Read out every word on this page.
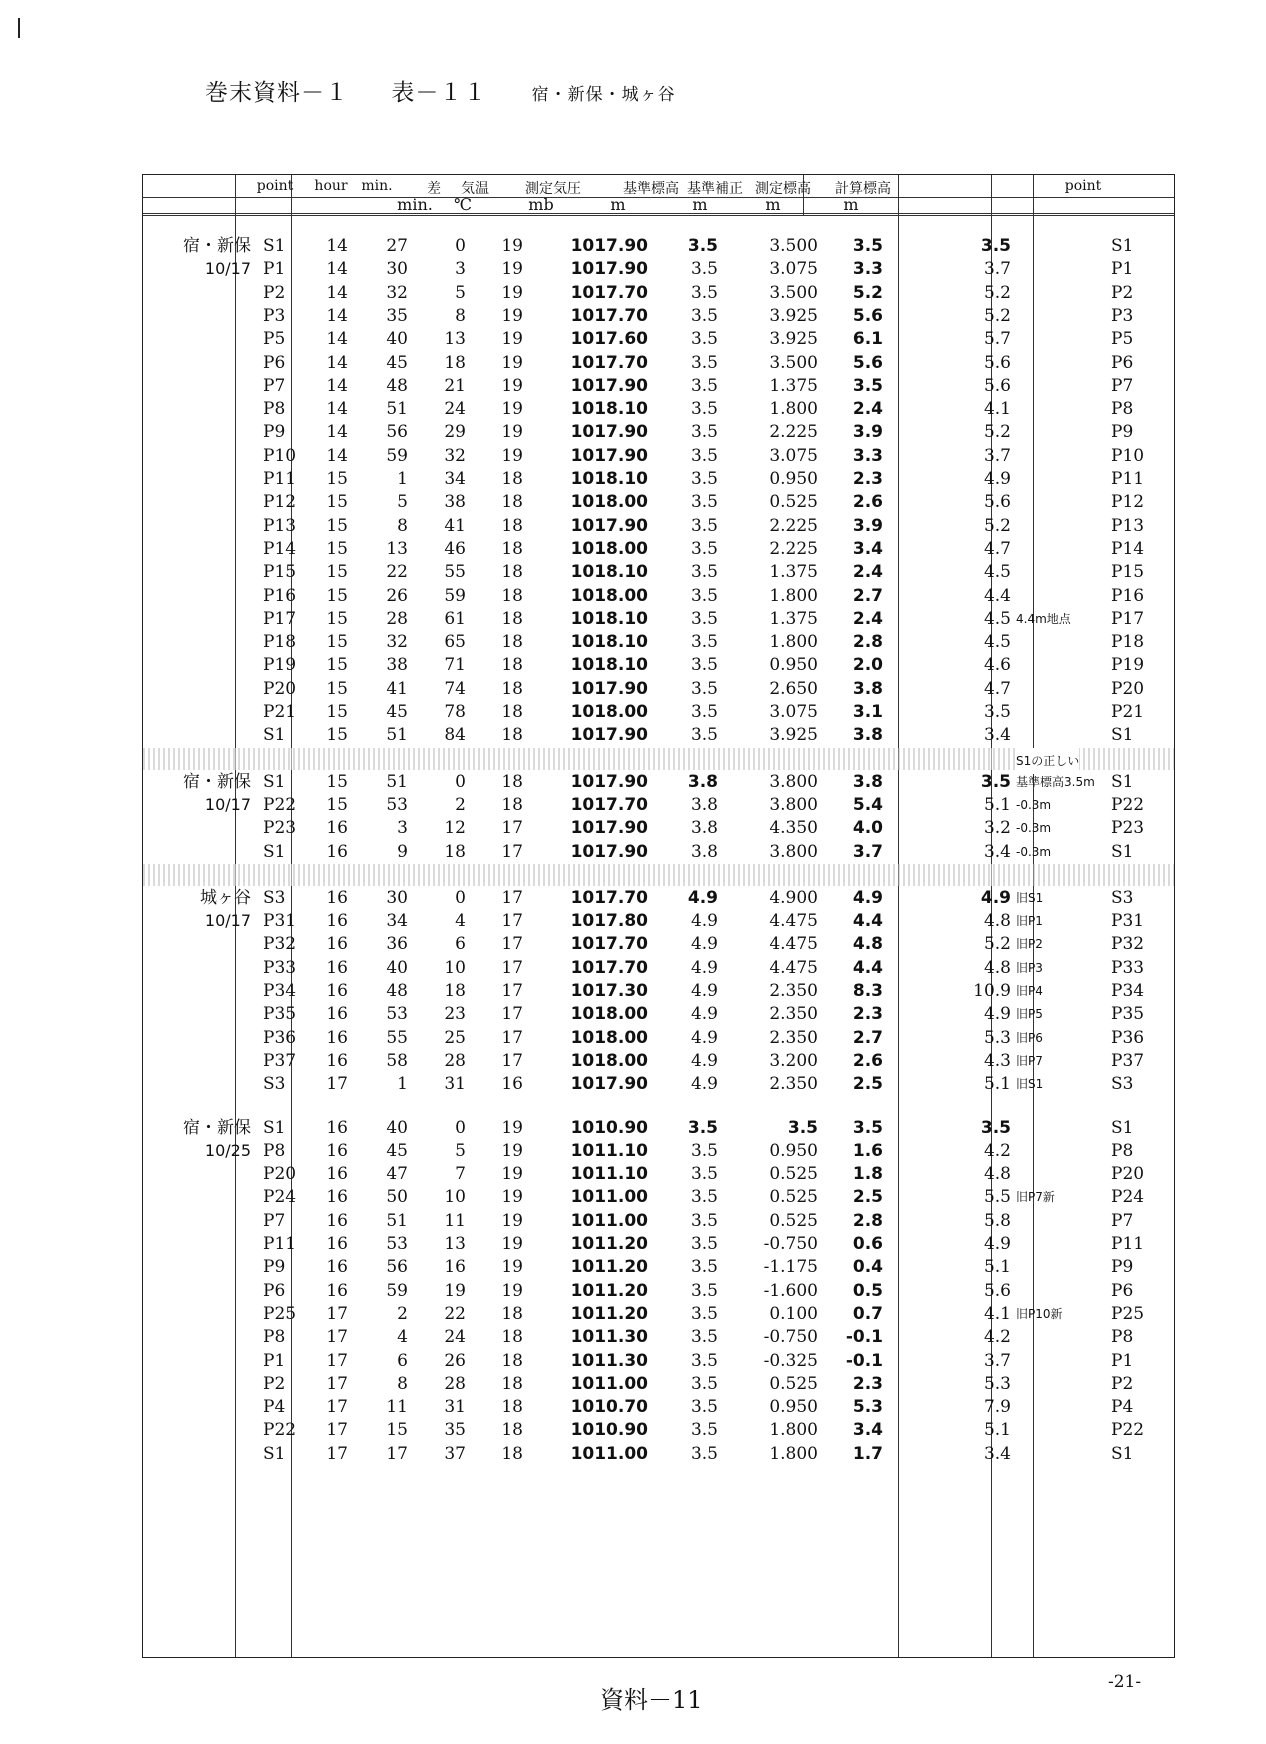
巻末資料－１ 表－１１	宿・新保・城ヶ谷
point hour min. 差 気温	測定気圧	基準標高 基準補正 測定標高 計算標高	point
min. ℃	mb	m	m	m	m
宿・新保 S1	14	27	0	19	1017.90	3.5	3.500	3.5	3.5	S1
10/17 P1	14	30	3	19	1017.90	3.5	3.075	3.3	3.7	P1
P2	14	32	5	19	1017.70	3.5	3.500	5.2	5.2	P2
P3	14	35	8	19	1017.70	3.5	3.925	5.6	5.2	P3
P5	14	40	13	19	1017.60	3.5	3.925	6.1	5.7	P5
P6	14	45	18	19	1017.70	3.5	3.500	5.6	5.6	P6
P7	14	48	21	19	1017.90	3.5	1.375	3.5	5.6	P7
P8	14	51	24	19	1018.10	3.5	1.800	2.4	4.1	P8
P9	14	56	29	19	1017.90	3.5	2.225	3.9	5.2	P9
P10	14	59	32	19	1017.90	3.5	3.075	3.3	3.7	P10
P11	15	1	34	18	1018.10	3.5	0.950	2.3	4.9	P11
P12	15	5	38	18	1018.00	3.5	0.525	2.6	5.6	P12
P13	15	8	41	18	1017.90	3.5	2.225	3.9	5.2	P13
P14	15	13	46	18	1018.00	3.5	2.225	3.4	4.7	P14
P15	15	22	55	18	1018.10	3.5	1.375	2.4	4.5	P15
P16	15	26	59	18	1018.00	3.5	1.800	2.7	4.4	P16
P17	15	28	61	18	1018.10	3.5	1.375	2.4	4.5 4.4m地点 P17
P18	15	32	65	18	1018.10	3.5	1.800	2.8	4.5	P18
P19	15	38	71	18	1018.10	3.5	0.950	2.0	4.6	P19
P20	15	41	74	18	1017.90	3.5	2.650	3.8	4.7	P20
P21	15	45	78	18	1018.00	3.5	3.075	3.1	3.5	P21
S1	15	51	84	18	1017.90	3.5	3.925	3.8	3.4	S1
S1の正しい
宿・新保 S1	15	51	0	18	1017.90	3.8	3.800	3.8	3.5 基準標高3.5m S1
10/17 P22	15	53	2	18	1017.70	3.8	3.800	5.4	5.1 -0.3m	P22
P23	16	3	12	17	1017.90	3.8	4.350	4.0	3.2 -0.3m	P23
S1	16	9	18	17	1017.90	3.8	3.800	3.7	3.4 -0.3m	S1
城ヶ谷 S3	16	30	0	17	1017.70	4.9	4.900	4.9	4.9 旧S1	S3
10/17 P31	16	34	4	17	1017.80	4.9	4.475	4.4	4.8 旧P1	P31
P32	16	36	6	17	1017.70	4.9	4.475	4.8	5.2 旧P2	P32
P33	16	40	10	17	1017.70	4.9	4.475	4.4	4.8 旧P3	P33
P34	16	48	18	17	1017.30	4.9	2.350	8.3	10.9 旧P4	P34
P35	16	53	23	17	1018.00	4.9	2.350	2.3	4.9 旧P5	P35
P36	16	55	25	17	1018.00	4.9	2.350	2.7	5.3 旧P6	P36
P37	16	58	28	17	1018.00	4.9	3.200	2.6	4.3 旧P7	P37
S3	17	1	31	16	1017.90	4.9	2.350	2.5	5.1 旧S1	S3
宿・新保 S1	16	40	0	19	1010.90	3.5	3.5	3.5	3.5	S1
10/25 P8	16	45	5	19	1011.10	3.5	0.950	1.6	4.2	P8
P20	16	47	7	19	1011.10	3.5	0.525	1.8	4.8	P20
P24	16	50	10	19	1011.00	3.5	0.525	2.5	5.5 旧P7新	P24
P7	16	51	11	19	1011.00	3.5	0.525	2.8	5.8	P7
P11	16	53	13	19	1011.20	3.5	-0.750	0.6	4.9	P11
P9	16	56	16	19	1011.20	3.5	-1.175	0.4	5.1	P9
P6	16	59	19	19	1011.20	3.5	-1.600	0.5	5.6	P6
P25	17	2	22	18	1011.20	3.5	0.100	0.7	4.1 旧P10新	P25
P8	17	4	24	18	1011.30	3.5	-0.750	-0.1	4.2	P8
P1	17	6	26	18	1011.30	3.5	-0.325	-0.1	3.7	P1
P2	17	8	28	18	1011.00	3.5	0.525	2.3	5.3	P2
P4	17	11	31	18	1010.70	3.5	0.950	5.3	7.9	P4
P22	17	15	35	18	1010.90	3.5	1.800	3.4	5.1	P22
S1	17	17	37	18	1011.00	3.5	1.800	1.7	3.4	S1
資料－11
-21-
